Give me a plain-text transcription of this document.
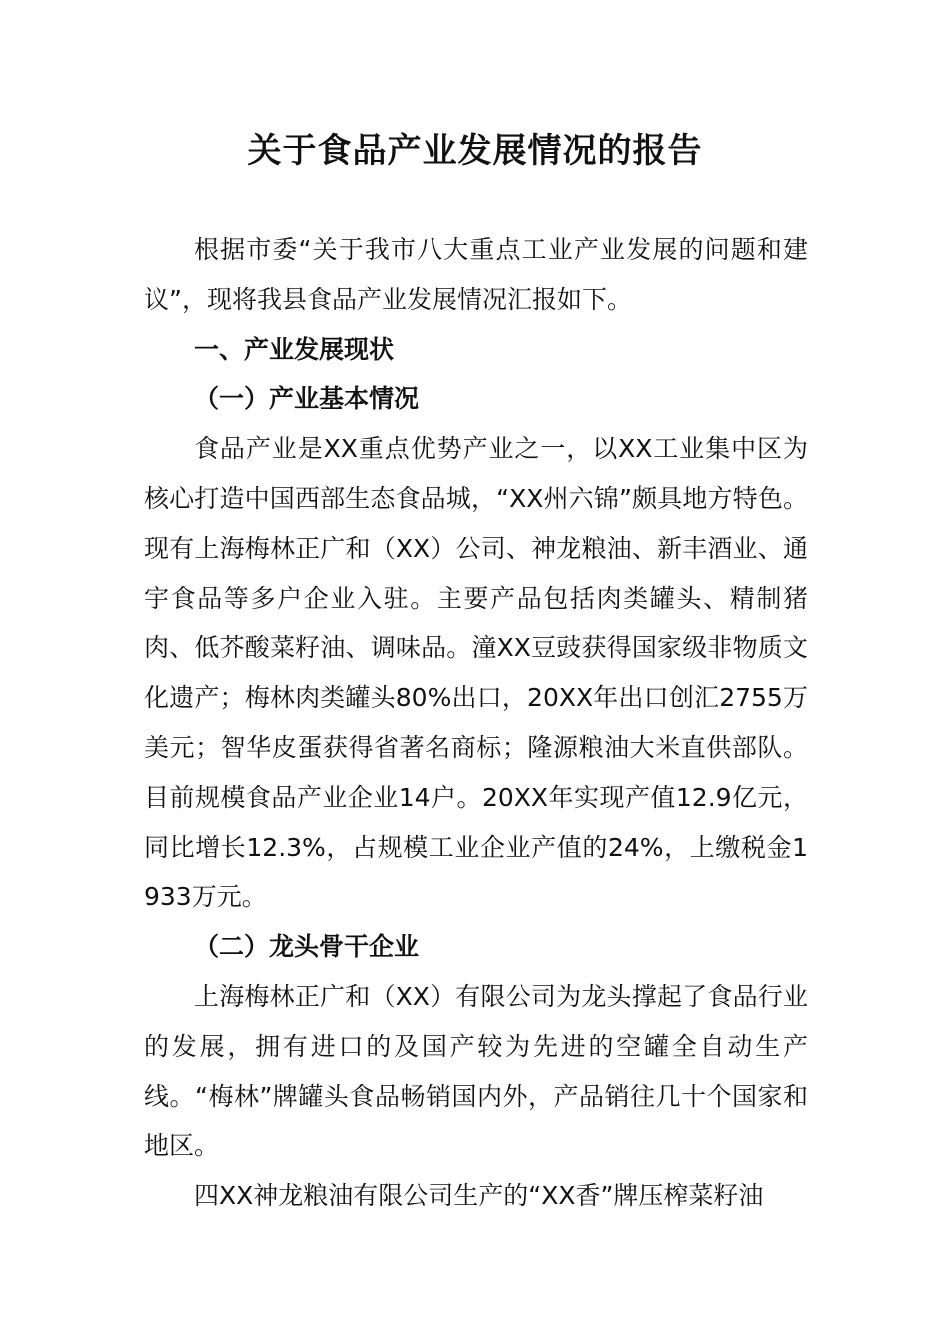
关于食品产业发展情况的报告

根据市委“关于我市八大重点工业产业发展的问题和建议”，现将我县食品产业发展情况汇报如下。

一、产业发展现状

（一）产业基本情况

食品产业是XX重点优势产业之一，以XX工业集中区为核心打造中国西部生态食品城，“XX州六锦”颇具地方特色。现有上海梅林正广和（XX）公司、神龙粮油、新丰酒业、通宇食品等多户企业入驻。主要产品包括肉类罐头、精制猪肉、低芥酸菜籽油、调味品。潼XX豆豉获得国家级非物质文化遗产；梅林肉类罐头80%出口，20XX年出口创汇2755万美元；智华皮蛋获得省著名商标；隆源粮油大米直供部队。目前规模食品产业企业14户。20XX年实现产值12.9亿元，同比增长12.3%，占规模工业企业产值的24%，上缴税金1933万元。

（二）龙头骨干企业

上海梅林正广和（XX）有限公司为龙头撑起了食品行业的发展，拥有进口的及国产较为先进的空罐全自动生产线。“梅林”牌罐头食品畅销国内外，产品销往几十个国家和地区。

四XX神龙粮油有限公司生产的“XX香”牌压榨菜籽油
